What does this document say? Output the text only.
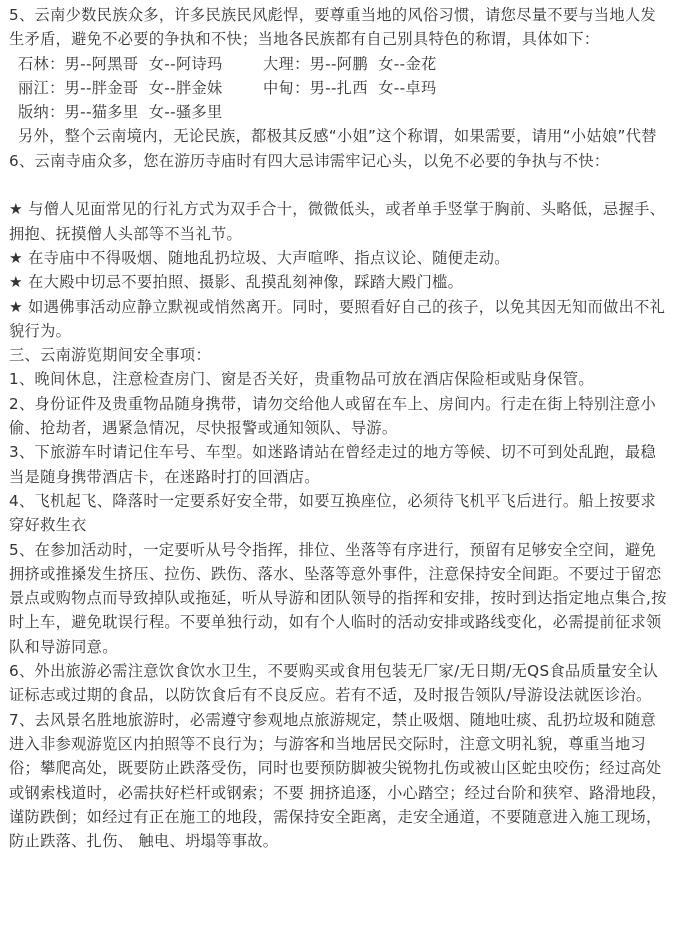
5、云南少数民族众多，许多民族民风彪悍，要尊重当地的风俗习惯，请您尽量不要与当地人发生矛盾，避免不必要的争执和不快；当地各民族都有自己别具特色的称谓，具体如下：

石林：男--阿黑哥  女--阿诗玛	大理：男--阿鹏  女--金花
丽江：男--胖金哥  女--胖金妹	中甸：男--扎西  女--卓玛
版纳：男--猫多里  女--骚多里

另外，整个云南境内，无论民族，都极其反感“小姐”这个称谓，如果需要，请用“小姑娘”代替

6、云南寺庙众多，您在游历寺庙时有四大忌讳需牢记心头，以免不必要的争执与不快：

★ 与僧人见面常见的行礼方式为双手合十，微微低头，或者单手竖掌于胸前、头略低，忌握手、拥抱、抚摸僧人头部等不当礼节。

★ 在寺庙中不得吸烟、随地乱扔垃圾、大声喧哗、指点议论、随便走动。

★ 在大殿中切忌不要拍照、摄影、乱摸乱刻神像，踩踏大殿门槛。

★ 如遇佛事活动应静立默视或悄然离开。同时，要照看好自己的孩子，以免其因无知而做出不礼貌行为。

三、云南游览期间安全事项：

1、晚间休息，注意检查房门、窗是否关好，贵重物品可放在酒店保险柜或贴身保管。

2、身份证件及贵重物品随身携带，请勿交给他人或留在车上、房间内。行走在街上特别注意小偷、抢劫者，遇紧急情况，尽快报警或通知领队、导游。

3、下旅游车时请记住车号、车型。如迷路请站在曾经走过的地方等候、切不可到处乱跑，最稳当是随身携带酒店卡，在迷路时打的回酒店。

4、飞机起飞、降落时一定要系好安全带，如要互换座位，必须待飞机平飞后进行。船上按要求穿好救生衣

5、在参加活动时，一定要听从号令指挥，排位、坐落等有序进行，预留有足够安全空间，避免拥挤或推搡发生挤压、拉伤、跌伤、落水、坠落等意外事件，注意保持安全间距。不要过于留恋景点或购物点而导致掉队或拖延，听从导游和团队领导的指挥和安排，按时到达指定地点集合,按时上车，避免耽误行程。不要单独行动，如有个人临时的活动安排或路线变化，必需提前征求领队和导游同意。

6、外出旅游必需注意饮食饮水卫生，不要购买或食用包装无厂家/无日期/无QS食品质量安全认证标志或过期的食品，以防饮食后有不良反应。若有不适，及时报告领队/导游设法就医诊治。

7、去风景名胜地旅游时，必需遵守参观地点旅游规定，禁止吸烟、随地吐痰、乱扔垃圾和随意进入非参观游览区内拍照等不良行为；与游客和当地居民交际时，注意文明礼貌，尊重当地习俗；攀爬高处，既要防止跌落受伤，同时也要预防脚被尖锐物扎伤或被山区蛇虫咬伤；经过高处或钢索栈道时，必需扶好栏杆或钢索；不要 拥挤追逐，小心踏空；经过台阶和狭窄、路滑地段，谨防跌倒；如经过有正在施工的地段，需保持安全距离，走安全通道，不要随意进入施工现场，防止跌落、扎伤、 触电、坍塌等事故。
